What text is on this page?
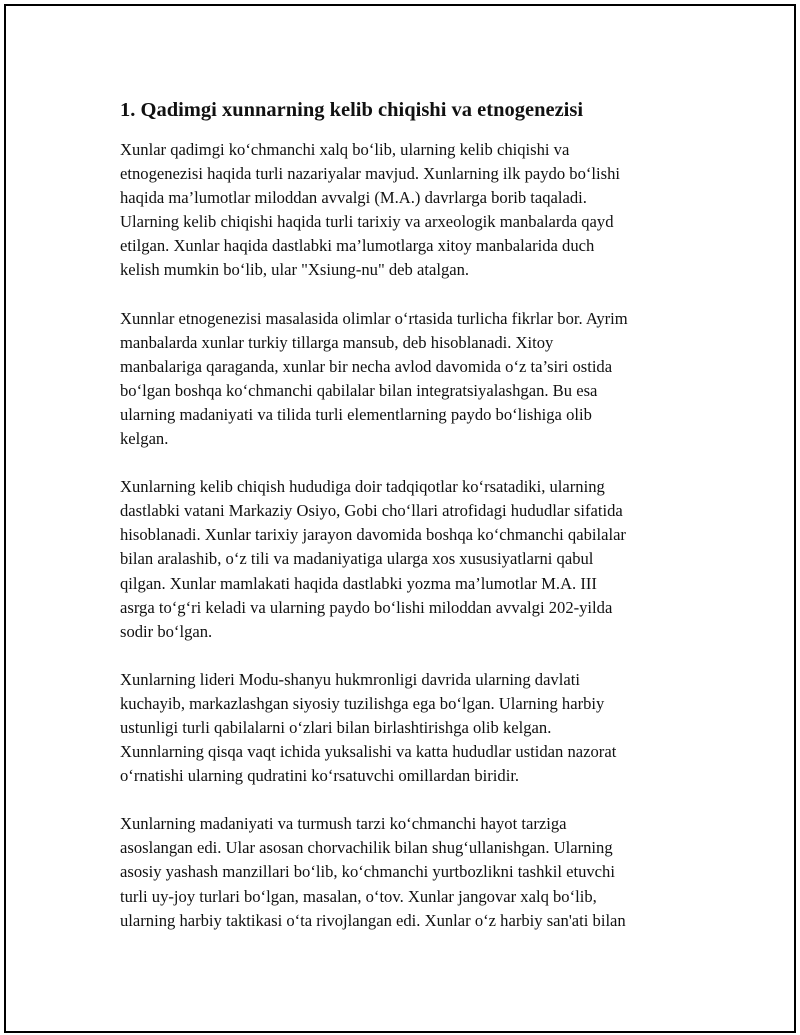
1. Qadimgi xunnarning kelib chiqishi va etnogenezisi

Xunlar qadimgi ko‘chmanchi xalq bo‘lib, ularning kelib chiqishi va
etnogenezisi haqida turli nazariyalar mavjud. Xunlarning ilk paydo bo‘lishi
haqida ma’lumotlar miloddan avvalgi (M.A.) davrlarga borib taqaladi.
Ularning kelib chiqishi haqida turli tarixiy va arxeologik manbalarda qayd
etilgan. Xunlar haqida dastlabki ma’lumotlarga xitoy manbalarida duch
kelish mumkin bo‘lib, ular "Xsiung-nu" deb atalgan.

Xunnlar etnogenezisi masalasida olimlar o‘rtasida turlicha fikrlar bor. Ayrim
manbalarda xunlar turkiy tillarga mansub, deb hisoblanadi. Xitoy
manbalariga qaraganda, xunlar bir necha avlod davomida o‘z ta’siri ostida
bo‘lgan boshqa ko‘chmanchi qabilalar bilan integratsiyalashgan. Bu esa
ularning madaniyati va tilida turli elementlarning paydo bo‘lishiga olib
kelgan.

Xunlarning kelib chiqish hududiga doir tadqiqotlar ko‘rsatadiki, ularning
dastlabki vatani Markaziy Osiyo, Gobi cho‘llari atrofidagi hududlar sifatida
hisoblanadi. Xunlar tarixiy jarayon davomida boshqa ko‘chmanchi qabilalar
bilan aralashib, o‘z tili va madaniyatiga ularga xos xususiyatlarni qabul
qilgan. Xunlar mamlakati haqida dastlabki yozma ma’lumotlar M.A. III
asrga to‘g‘ri keladi va ularning paydo bo‘lishi miloddan avvalgi 202-yilda
sodir bo‘lgan.

Xunlarning lideri Modu-shanyu hukmronligi davrida ularning davlati
kuchayib, markazlashgan siyosiy tuzilishga ega bo‘lgan. Ularning harbiy
ustunligi turli qabilalarni o‘zlari bilan birlashtirishga olib kelgan.
Xunnlarning qisqa vaqt ichida yuksalishi va katta hududlar ustidan nazorat
o‘rnatishi ularning qudratini ko‘rsatuvchi omillardan biridir.

Xunlarning madaniyati va turmush tarzi ko‘chmanchi hayot tarziga
asoslangan edi. Ular asosan chorvachilik bilan shug‘ullanishgan. Ularning
asosiy yashash manzillari bo‘lib, ko‘chmanchi yurtbozlikni tashkil etuvchi
turli uy-joy turlari bo‘lgan, masalan, o‘tov. Xunlar jangovar xalq bo‘lib,
ularning harbiy taktikasi o‘ta rivojlangan edi. Xunlar o‘z harbiy san'ati bilan
